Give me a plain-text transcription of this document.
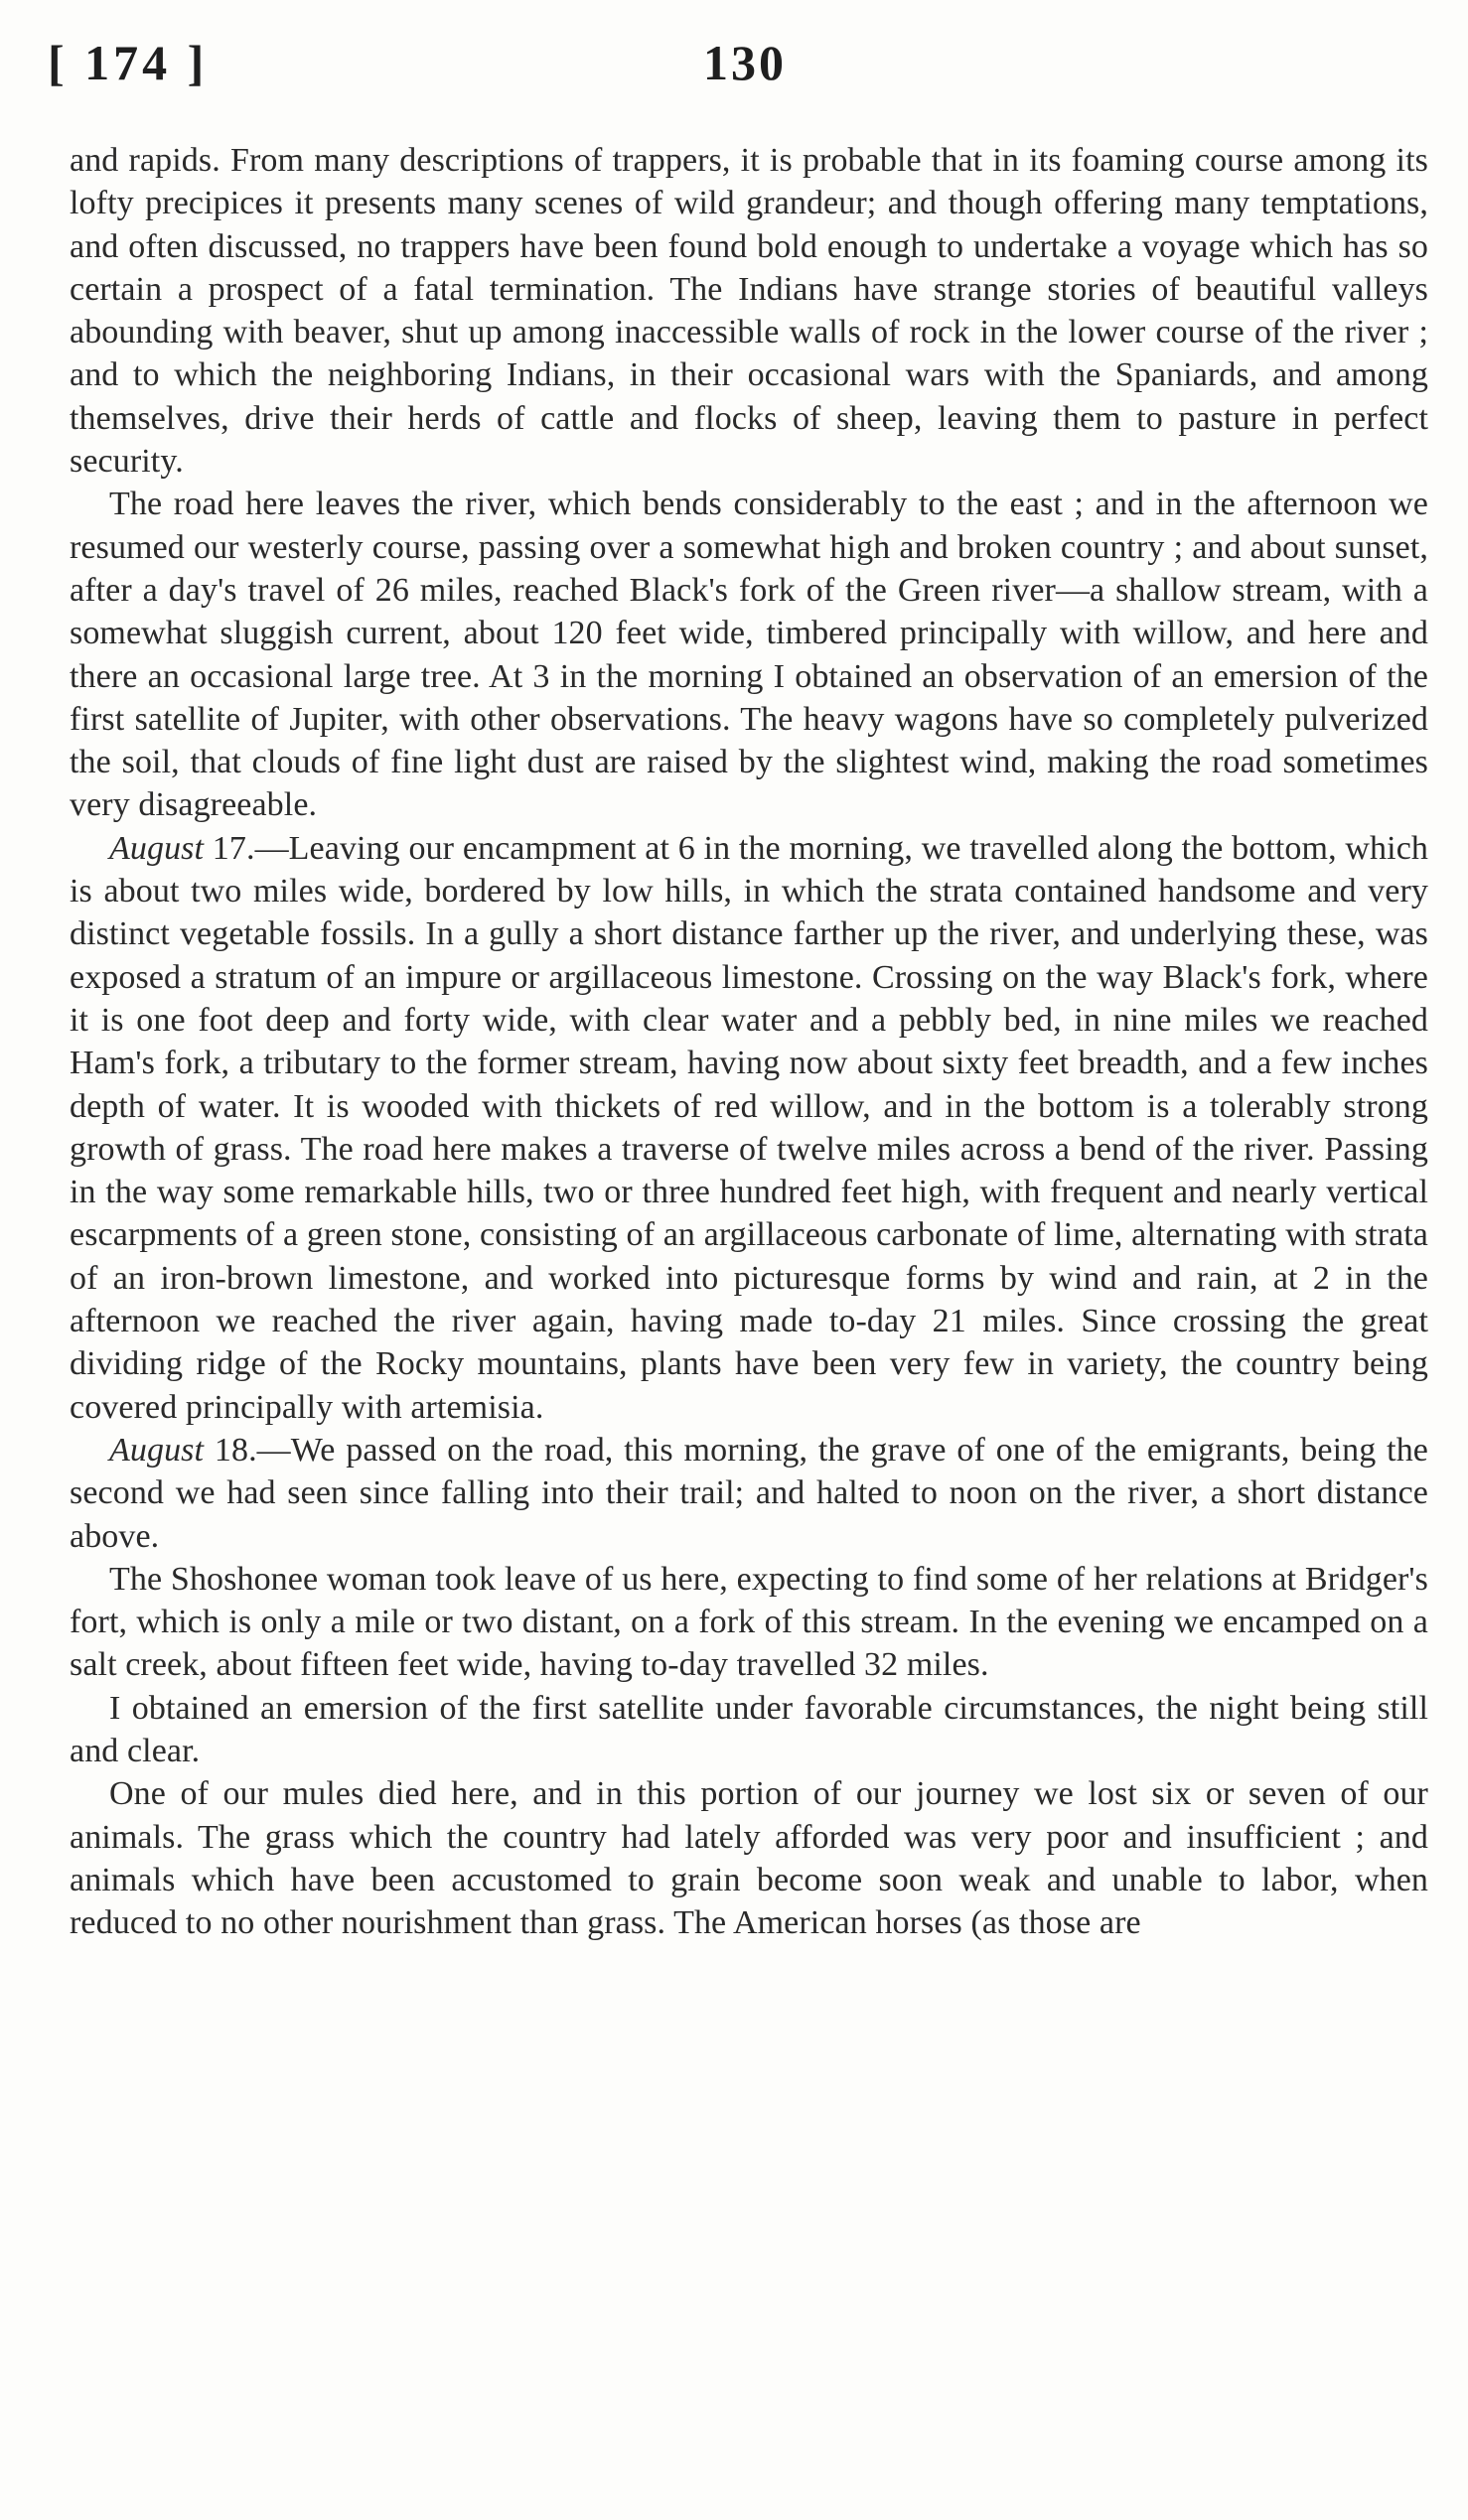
[ 174 ]	130

and rapids. From many descriptions of trappers, it is probable that in its foaming course among its lofty precipices it presents many scenes of wild grandeur; and though offering many temptations, and often discussed, no trappers have been found bold enough to undertake a voyage which has so certain a prospect of a fatal termination. The Indians have strange stories of beautiful valleys abounding with beaver, shut up among inaccessible walls of rock in the lower course of the river ; and to which the neighboring Indians, in their occasional wars with the Spaniards, and among themselves, drive their herds of cattle and flocks of sheep, leaving them to pasture in perfect security.

The road here leaves the river, which bends considerably to the east ; and in the afternoon we resumed our westerly course, passing over a somewhat high and broken country ; and about sunset, after a day's travel of 26 miles, reached Black's fork of the Green river—a shallow stream, with a somewhat sluggish current, about 120 feet wide, timbered principally with willow, and here and there an occasional large tree. At 3 in the morning I obtained an observation of an emersion of the first satellite of Jupiter, with other observations. The heavy wagons have so completely pulverized the soil, that clouds of fine light dust are raised by the slightest wind, making the road sometimes very disagreeable.

August 17.—Leaving our encampment at 6 in the morning, we travelled along the bottom, which is about two miles wide, bordered by low hills, in which the strata contained handsome and very distinct vegetable fossils. In a gully a short distance farther up the river, and underlying these, was exposed a stratum of an impure or argillaceous limestone. Crossing on the way Black's fork, where it is one foot deep and forty wide, with clear water and a pebbly bed, in nine miles we reached Ham's fork, a tributary to the former stream, having now about sixty feet breadth, and a few inches depth of water. It is wooded with thickets of red willow, and in the bottom is a tolerably strong growth of grass. The road here makes a traverse of twelve miles across a bend of the river. Passing in the way some remarkable hills, two or three hundred feet high, with frequent and nearly vertical escarpments of a green stone, consisting of an argillaceous carbonate of lime, alternating with strata of an iron-brown limestone, and worked into picturesque forms by wind and rain, at 2 in the afternoon we reached the river again, having made to-day 21 miles. Since crossing the great dividing ridge of the Rocky mountains, plants have been very few in variety, the country being covered principally with artemisia.

August 18.—We passed on the road, this morning, the grave of one of the emigrants, being the second we had seen since falling into their trail; and halted to noon on the river, a short distance above.

The Shoshonee woman took leave of us here, expecting to find some of her relations at Bridger's fort, which is only a mile or two distant, on a fork of this stream. In the evening we encamped on a salt creek, about fifteen feet wide, having to-day travelled 32 miles.

I obtained an emersion of the first satellite under favorable circumstances, the night being still and clear.

One of our mules died here, and in this portion of our journey we lost six or seven of our animals. The grass which the country had lately afforded was very poor and insufficient ; and animals which have been accustomed to grain become soon weak and unable to labor, when reduced to no other nourishment than grass. The American horses (as those are
